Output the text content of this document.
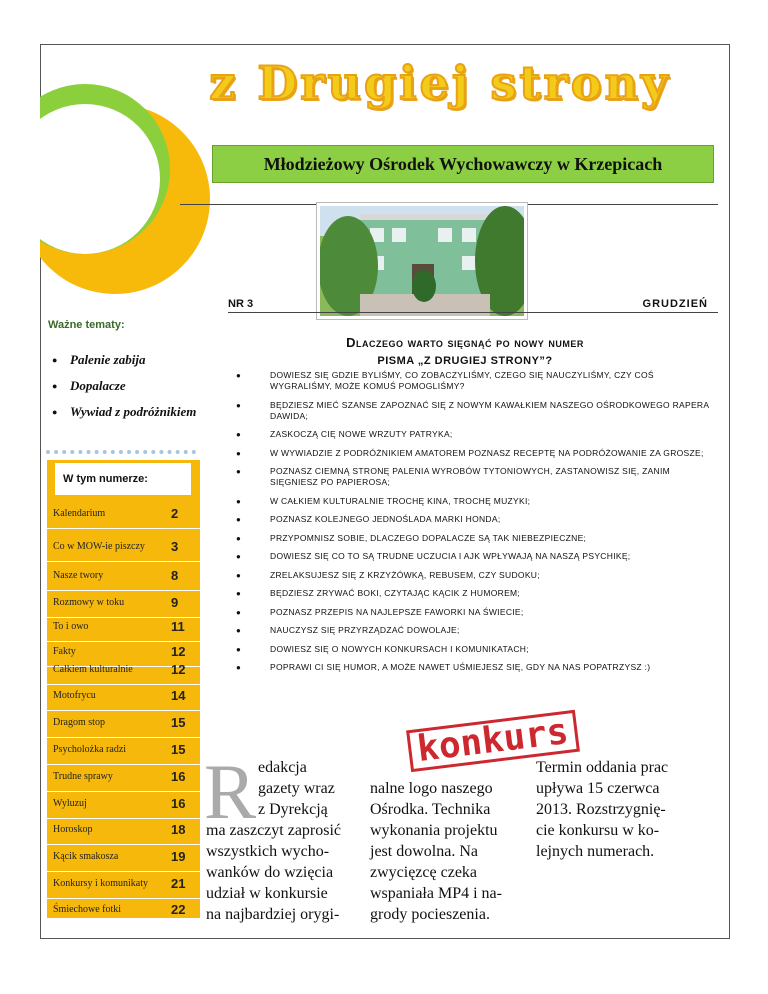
z Drugiej strony
Młodzieżowy Ośrodek Wychowawczy w Krzepicach
NR 3	GRUDZIEŃ
Ważne tematy:
● Palenie zabija
● Dopalacze
● Wywiad z podróżnikiem
W tym numerze:
Kalendarium	2
Co w MOW-ie piszczy 3
Nasze twory	8
Rozmowy w toku	9
To i owo	11
Fakty	12
Całkiem kulturalnie	12
Motofrycu	14
Dragom stop	15
Psycholożka radzi	15
Trudne sprawy	16
Wyluzuj	16
Horoskop	18
Kącik smakosza	19
Konkursy i komunikaty 21
Śmiechowe fotki	22
Dlaczego warto sięgnąć po nowy numer
PISMA „Z DRUGIEJ STRONY”?
● DOWIESZ SIĘ GDZIE BYLIŚMY, CO ZOBACZYLIŚMY, CZEGO SIĘ NAUCZYLIŚMY, CZY COŚ WYGRALIŚMY, MOŻE KOMUŚ POMOGLIŚMY?
● BĘDZIESZ MIEĆ SZANSE ZAPOZNAĆ SIĘ Z NOWYM KAWAŁKIEM NASZEGO OŚRODKOWEGO RAPERA DAWIDA;
● ZASKOCZĄ CIĘ NOWE WRZUTY PATRYKA;
● W WYWIADZIE Z PODRÓŻNIKIEM AMATOREM POZNASZ RECEPTĘ NA PODRÓŻOWANIE ZA GROSZE;
● POZNASZ CIEMNĄ STRONĘ PALENIA WYROBÓW TYTONIOWYCH, ZASTANOWISZ SIĘ, ZANIM SIĘGNIESZ PO PAPIEROSA;
● W CAŁKIEM KULTURALNIE TROCHĘ KINA, TROCHĘ MUZYKI;
● POZNASZ KOLEJNEGO JEDNOŚLADА MARKI HONDA;
● PRZYPOMNISZ SOBIE, DLACZEGO DOPALACZE SĄ TAK NIEBEZPIECZNE;
● DOWIESZ SIĘ CO TO SĄ TRUDNE UCZUCIA I AJK WPŁYWAJĄ NA NASZĄ PSYCHIKĘ;
● ZRELAKSUJESZ SIĘ Z KRZYŻÓWKĄ, REBUSEM, CZY SUDOKU;
● BĘDZIESZ ZRYWAĆ BOKI, CZYTAJĄC KĄCIK Z HUMOREM;
● POZNASZ PRZEPIS NA NAJLEPSZE FAWORKI NA ŚWIECIE;
● NAUCZYSZ SIĘ PRZYRZĄDZAĆ DOWOLAJE;
● DOWIESZ SIĘ O NOWYCH KONKURSACH I KOMUNIKATACH;
● POPRAWI CI SIĘ HUMOR, A MOŻE NAWET UŚMIEJESZ SIĘ, GDY NA NAS POPATRZYSZ :)
konkurs
R edakcja
gazety wraz
z Dyrekcją
ma zaszczyt zaprosić
wszystkich wycho-
wanków do wzięcia
udział w konkursie
na najbardziej orygi-
nalne logo naszego
Ośrodka. Technika
wykonania projektu
jest dowolna. Na
zwycięzcę czeka
wspaniała MP4 i na-
grody pocieszenia.
Termin oddania prac
upływa 15 czerwca
2013. Rozstrzygnię-
cie konkursu w ko-
lejnych numerach.
